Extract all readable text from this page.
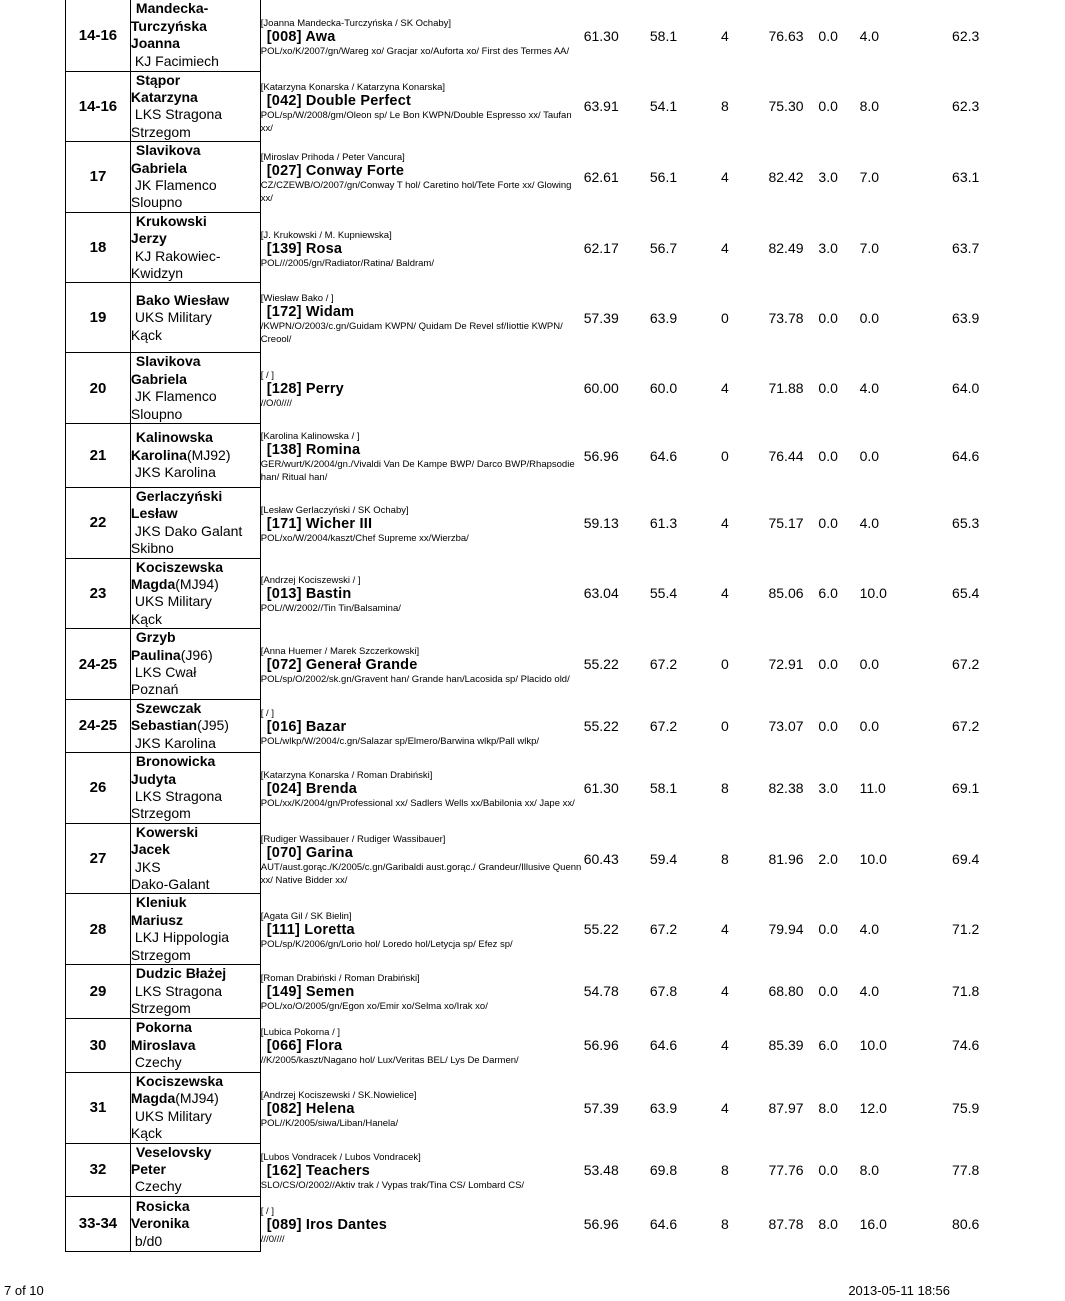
14-16	Mandecka-
Turczyńska
Joanna
KJ Facimiech	[Joanna Mandecka-Turczyńska / SK Ochaby]
[008] Awa
POL/xo/K/2007/gn/Wareg xo/ Gracjar xo/Auforta xo/ First des Termes AA/	61.30	58.1	4	76.63	0.0	4.0	62.3
14-16	Stąpor
Katarzyna
LKS Stragona
Strzegom	[Katarzyna Konarska / Katarzyna Konarska]
[042] Double Perfect
POL/sp/W/2008/gm/Oleon sp/ Le Bon KWPN/Double Espresso xx/ Taufan xx/	63.91	54.1	8	75.30	0.0	8.0	62.3
17	Slavikova
Gabriela
JK Flamenco
Sloupno	[Miroslav Prihoda / Peter Vancura]
[027] Conway Forte
CZ/CZEWB/O/2007/gn/Conway T hol/ Caretino hol/Tete Forte xx/ Glowing xx/	62.61	56.1	4	82.42	3.0	7.0	63.1
18	Krukowski
Jerzy
KJ Rakowiec-
Kwidzyn	[J. Krukowski / M. Kupniewska]
[139] Rosa
POL///2005/gn/Radiator/Ratina/ Baldram/	62.17	56.7	4	82.49	3.0	7.0	63.7
19	Bako Wiesław
UKS Military
Kąck	[Wiesław Bako / ]
[172] Widam
/KWPN/O/2003/c.gn/Guidam KWPN/ Quidam De Revel sf/Iiottie KWPN/ Creool/	57.39	63.9	0	73.78	0.0	0.0	63.9
20	Slavikova
Gabriela
JK Flamenco
Sloupno	[ / ]
[128] Perry
//O/0////	60.00	60.0	4	71.88	0.0	4.0	64.0
21	Kalinowska
Karolina(MJ92)
JKS Karolina	[Karolina Kalinowska / ]
[138] Romina
GER/wurt/K/2004/gn./Vivaldi Van De Kampe BWP/ Darco BWP/Rhapsodie han/ Ritual han/	56.96	64.6	0	76.44	0.0	0.0	64.6
22	Gerlaczyński
Lesław
JKS Dako Galant
Skibno	[Lesław Gerlaczyński / SK Ochaby]
[171] Wicher III
POL/xo/W/2004/kaszt/Chef Supreme xx/Wierzba/	59.13	61.3	4	75.17	0.0	4.0	65.3
23	Kociszewska
Magda(MJ94)
UKS Military
Kąck	[Andrzej Kociszewski / ]
[013] Bastin
POL//W/2002//Tin Tin/Balsamina/	63.04	55.4	4	85.06	6.0	10.0	65.4
24-25	Grzyb
Paulina(J96)
LKS Cwał
Poznań	[Anna Huemer / Marek Szczerkowski]
[072] Generał Grande
POL/sp/O/2002/sk.gn/Gravent han/ Grande han/Lacosida sp/ Placido old/	55.22	67.2	0	72.91	0.0	0.0	67.2
24-25	Szewczak
Sebastian(J95)
JKS Karolina	[ / ]
[016] Bazar
POL/wlkp/W/2004/c.gn/Salazar sp/Elmero/Barwina wlkp/Pall wlkp/	55.22	67.2	0	73.07	0.0	0.0	67.2
26	Bronowicka
Judyta
LKS Stragona
Strzegom	[Katarzyna Konarska / Roman Drabiński]
[024] Brenda
POL/xx/K/2004/gn/Professional xx/ Sadlers Wells xx/Babilonia xx/ Jape xx/	61.30	58.1	8	82.38	3.0	11.0	69.1
27	Kowerski
Jacek
JKS
Dako-Galant	[Rudiger Wassibauer / Rudiger Wassibauer]
[070] Garina
AUT/aust.gorąc./K/2005/c.gn/Garibaldi aust.gorąc./ Grandeur/Illusive Quenn xx/ Native Bidder xx/	60.43	59.4	8	81.96	2.0	10.0	69.4
28	Kleniuk
Mariusz
LKJ Hippologia
Strzegom	[Agata Gil / SK Bielin]
[111] Loretta
POL/sp/K/2006/gn/Lorio hol/ Loredo hol/Letycja sp/ Efez sp/	55.22	67.2	4	79.94	0.0	4.0	71.2
29	Dudzic Błażej
LKS Stragona
Strzegom	[Roman Drabiński / Roman Drabiński]
[149] Semen
POL/xo/O/2005/gn/Egon xo/Emir xo/Selma xo/Irak xo/	54.78	67.8	4	68.80	0.0	4.0	71.8
30	Pokorna
Miroslava
Czechy	[Lubica Pokorna / ]
[066] Flora
//K/2005/kaszt/Nagano hol/ Lux/Veritas BEL/ Lys De Darmen/	56.96	64.6	4	85.39	6.0	10.0	74.6
31	Kociszewska
Magda(MJ94)
UKS Military
Kąck	[Andrzej Kociszewski / SK.Nowielice]
[082] Helena
POL//K/2005/siwa/Liban/Hanela/	57.39	63.9	4	87.97	8.0	12.0	75.9
32	Veselovsky
Peter
Czechy	[Lubos Vondracek / Lubos Vondracek]
[162] Teachers
SLO/CS/O/2002//Aktiv trak / Vypas trak/Tina CS/ Lombard CS/	53.48	69.8	8	77.76	0.0	8.0	77.8
33-34	Rosicka
Veronika
b/d0	[ / ]
[089] Iros Dantes
///0////	56.96	64.6	8	87.78	8.0	16.0	80.6
7 of 10	2013-05-11 18:56
